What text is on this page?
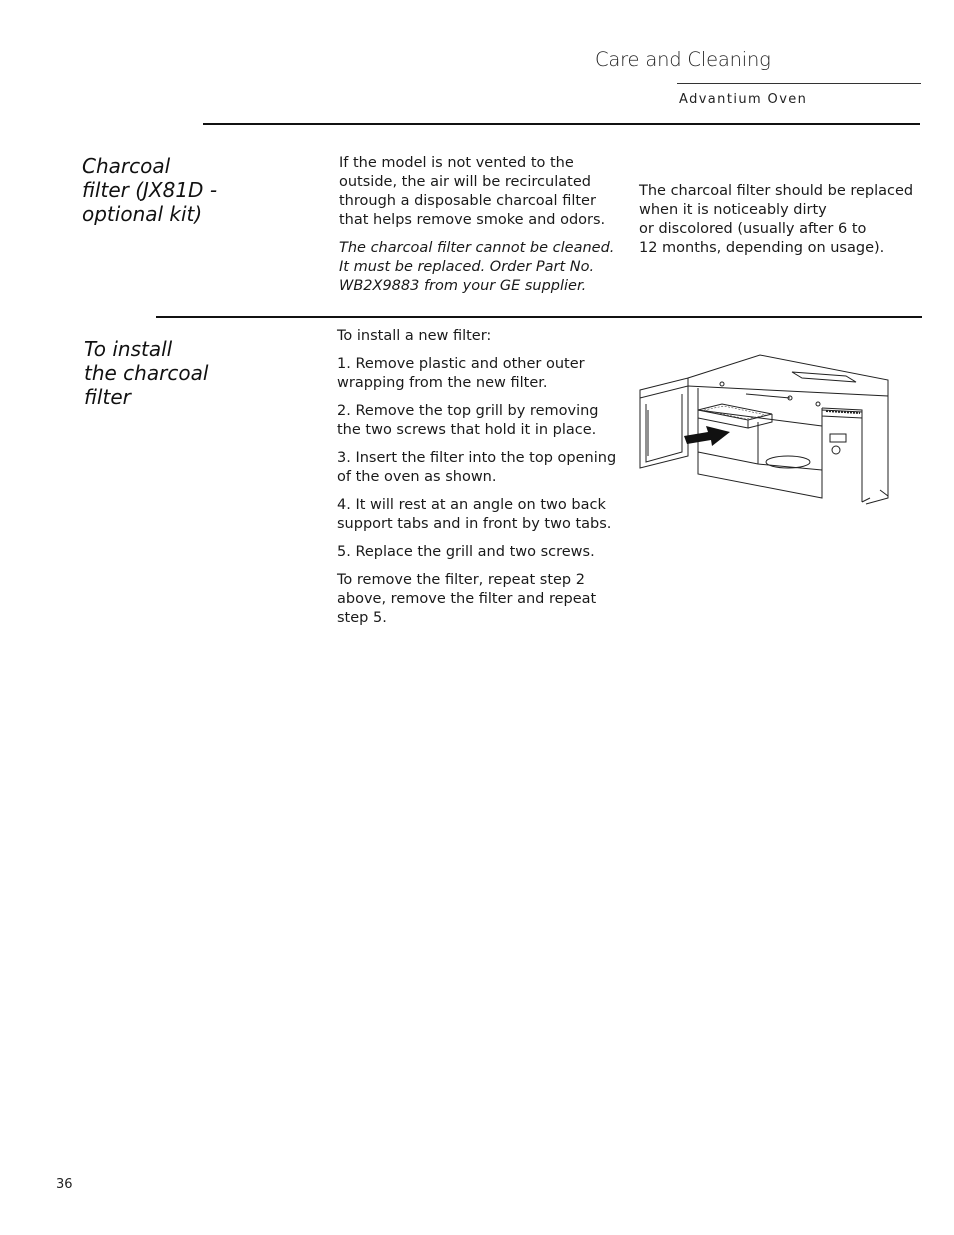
Care and Cleaning
Advantium Oven
Charcoal
filter (JX81D -
optional kit)

If the model is not vented to the
outside, the air will be recirculated
through a disposable charcoal filter
that helps remove smoke and odors.

The charcoal filter cannot be cleaned.
It must be replaced. Order Part No.
WB2X9883 from your GE supplier.

The charcoal filter should be replaced
when it is noticeably dirty
or discolored (usually after 6 to
12 months, depending on usage).
To install
the charcoal
filter

To install a new filter:

1. Remove plastic and other outer
wrapping from the new filter.

2. Remove the top grill by removing
the two screws that hold it in place.

3. Insert the filter into the top opening
of the oven as shown.

4. It will rest at an angle on two back
support tabs and in front by two tabs.

5. Replace the grill and two screws.

To remove the filter, repeat step 2
above, remove the filter and repeat
step 5.

36
